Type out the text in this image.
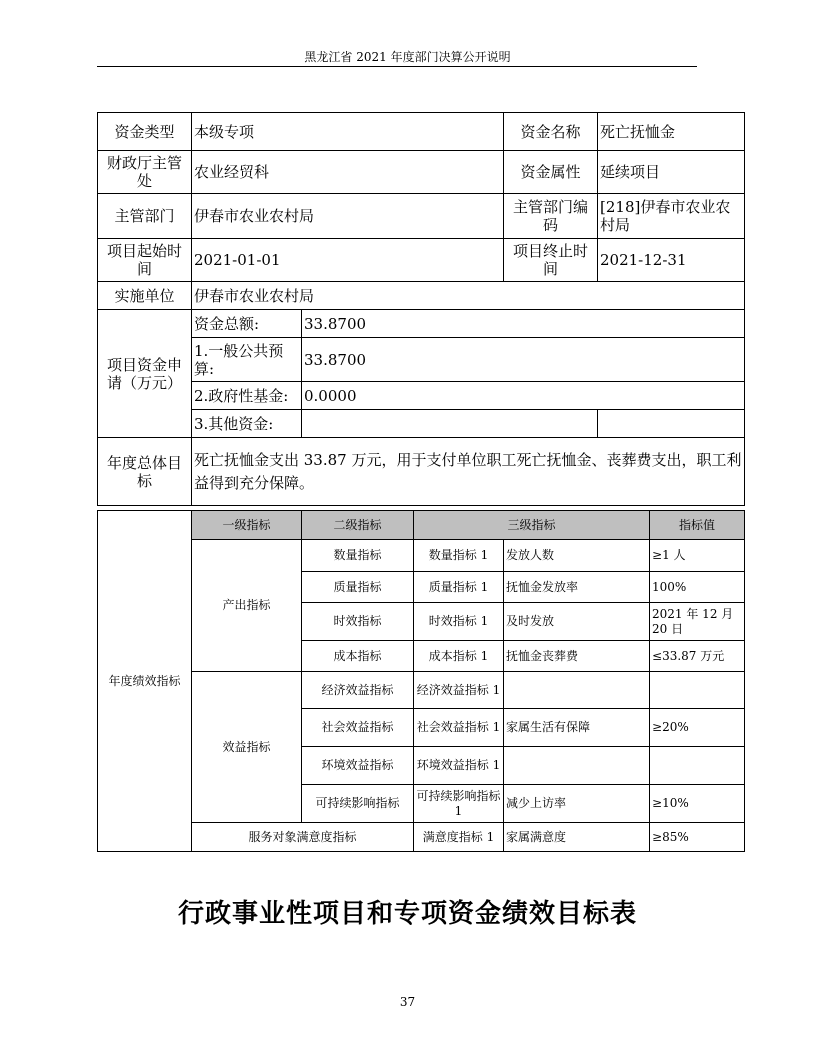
黑龙江省 2021 年度部门决算公开说明
资金类型	本级专项		资金名称	死亡抚恤金
财政厅主管处	农业经贸科		资金属性	延续项目
主管部门	伊春市农业农村局		主管部门编码	[218]伊春市农业农村局
项目起始时间	2021-01-01		项目终止时间	2021-12-31
实施单位	伊春市农业农村局			
项目资金申请（万元）	资金总额:	33.8700		
	1.一般公共预算:	33.8700		
	2.政府性基金:	0.0000		
	3.其他资金:			
年度总体目标	死亡抚恤金支出 33.87 万元，用于支付单位职工死亡抚恤金、丧葬费支出，职工利益得到充分保障。			
年度绩效指标	一级指标	二级指标	三级指标		指标值
	产出指标	数量指标	数量指标 1	发放人数	≥1 人
		质量指标	质量指标 1	抚恤金发放率	100%
		时效指标	时效指标 1	及时发放	2021 年 12 月 20 日
		成本指标	成本指标 1	抚恤金丧葬费	≤33.87 万元
	效益指标	经济效益指标	经济效益指标 1		
		社会效益指标	社会效益指标 1	家属生活有保障	≥20%
		环境效益指标	环境效益指标 1		
		可持续影响指标	可持续影响指标 1	减少上访率	≥10%
	服务对象满意度指标		满意度指标 1	家属满意度	≥85%
行政事业性项目和专项资金绩效目标表
37
